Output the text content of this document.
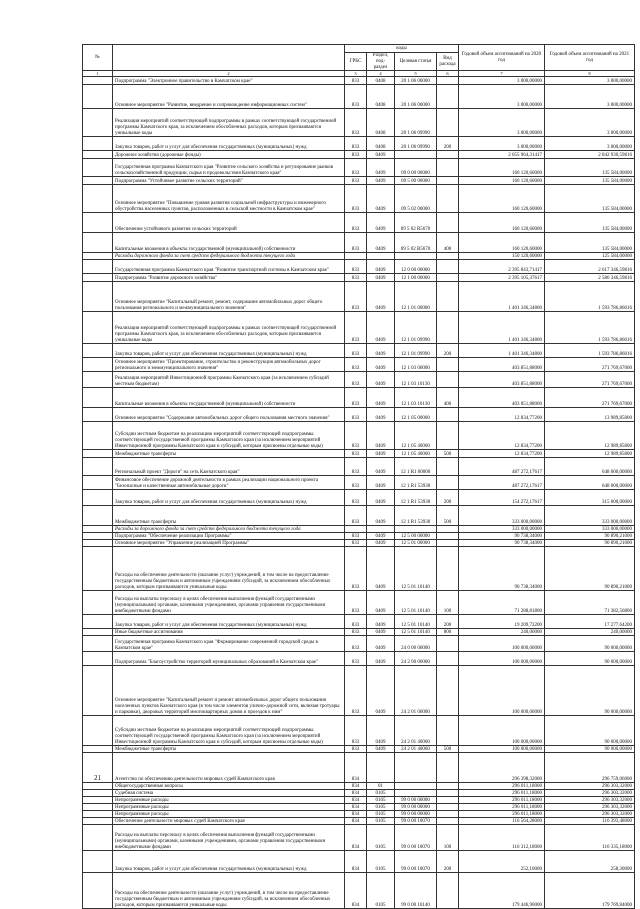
№		коды				Годовой объем ассигнований на 2020 год	Годовой объем ассигнований на 2021 год
		ГРБС	Раздел, под-раздел	Целевая статья	Вид расхода		
1	2	3	4	5	6	7	8
	Подпрограмма "Электронное правительство в Камчатском крае"	833	0408	20 1 06 00000		3 000,00000	3 000,00000
	Основное мероприятие "Развитие, внедрение и сопровождение информационных систем"	833	0408	20 1 06 00000		3 000,00000	3 000,00000
	Реализация мероприятий соответствующей подпрограммы в рамках соответствующей государственной программы Камчатского края, за исключением обособленных расходов, которым присваиваются уникальные коды	833	0408	20 1 06 09990		3 000,00000	3 000,00000
	Закупка товаров, работ и услуг для обеспечения государственных (муниципальных) нужд	833	0408	20 1 06 09990	200	3 000,00000	3 000,00000
	Дорожное хозяйство (дорожные фонды)	833	0409			2 655 964,31417	2 842 930,59816
	Государственная программа Камчатского края "Развитие сельского хозяйства и регулирование рынков сельскохозяйственной продукции, сырья и продовольствия Камчатского края"	833	0409	09 0 00 00000		160 120,60000	135 584,00000
	Подпрограмма "Устойчивое развитие сельских территорий"	833	0409	09 5 00 00000		160 120,60000	135 584,00000
	Основное мероприятие "Повышение уровня развития социальной инфраструктуры и инженерного обустройства населенных пунктов, расположенных в сельской местности в Камчатском крае"	833	0409	09 5 02 00000		160 120,60000	135 584,00000
	Обеспечение устойчивого развития сельских территорий	833	0409	09 5 02 R5670		160 120,60000	135 584,00000
	Капитальные вложения в объекты государственной (муниципальной) собственности	833	0409	09 5 02 R5670	400	160 120,60000	135 584,00000
	Расходы дорожного фонда за счет средств федерального бюджета текущего года					150 120,60000	125 584,00000
	Государственная программа Камчатского края "Развитие транспортной системы в Камчатском крае"	833	0409	12 0 00 00000		2 395 843,71417	2 617 346,59816
	Подпрограмма "Развитие дорожного хозяйства"	833	0409	12 1 00 00000		2 395 105,37617	2 586 346,59816
	Основное мероприятие "Капитальный ремонт, ремонт, содержание автомобильных дорог общего пользования регионального и межмуниципального значения"	833	0409	12 1 01 00000		1 401 346,34800	1 593 786,86016
	Реализация мероприятий соответствующей подпрограммы в рамках соответствующей государственной программы Камчатского края, за исключением обособленных расходов, которым присваиваются уникальные коды	833	0409	12 1 01 09990		1 401 346,34800	1 593 786,86016
	Закупка товаров, работ и услуг для обеспечения государственных (муниципальных) нужд	833	0409	12 1 01 09990	200	1 401 346,34800	1 593 786,86016
	Основное мероприятие "Проектирование, строительство и реконструкция автомобильных дорог регионального и межмуниципального значения"	833	0409	12 1 03 00000		403 851,88000	271 769,67000
	Реализация мероприятий Инвестиционной программы Камчатского края (за исключением субсидий местным бюджетам)	833	0409	12 1 03 10130		403 851,88000	271 769,67000
	Капитальные вложения в объекты государственной (муниципальной) собственности	833	0409	12 1 03 10130	400	403 851,88000	271 769,67000
	Основное мероприятие "Содержание автомобильных дорог общего пользования местного значения"	833	0409	12 1 05 00000		12 834,77200	13 989,85800
	Субсидии местным бюджетам на реализацию мероприятий соответствующей подпрограммы соответствующей государственной программы Камчатского края (за исключением мероприятий Инвестиционной программы Камчатского края и субсидий, которым присвоены отдельные коды)	833	0409	12 1 05 40060		12 834,77200	12 989,85800
	Межбюджетные трансферты	833	0409	12 1 05 40060	500	12 834,77200	12 989,85800
	Региональный проект "Дороги" на сеть Камчатского края"	833	0409	12 1 R1 00000		487 272,17617	648 000,00000
	Финансовое обеспечение дорожной деятельности в рамках реализации национального проекта "Безопасные и качественные автомобильные дороги"	833	0409	12 1 R1 53930		487 272,17617	648 000,00000
	Закупка товаров, работ и услуг для обеспечения государственных (муниципальных) нужд	833	0409	12 1 R1 53930	200	154 272,17617	315 000,00000
	Межбюджетные трансферты	833	0409	12 1 R1 53930	500	333 000,00000	333 000,00000
	Расходы за дорожного фонда за счет средств федерального бюджета текущего года					333 000,00000	333 000,00000
	Подпрограмма "Обеспечение реализации Программы"	833	0409	12 5 00 00000		90 738,34000	90 890,21000
	Основное мероприятие "Управление реализацией Программы"	833	0409	12 5 01 00000		90 738,34000	90 890,21000
	Расходы на обеспечение деятельности (оказание услуг) учреждений, в том числе на предоставление государственным бюджетным и автономным учреждениям субсидий, за исключением обособленных расходов, которым присваиваются уникальные коды	833	0409	12 5 01 10140		90 738,34000	90 890,21000
	Расходы на выплаты персоналу в целях обеспечения выполнения функций государственными (муниципальными) органами, казенными учреждениями, органами управления государственными внебюджетными фондами	833	0409	12 5 01 10140	100	71 288,81800	71 382,56800
	Закупка товаров, работ и услуг для обеспечения государственных (муниципальных) нужд	833	0409	12 5 01 10140	200	19 209,72200	17 277,64200
	Иные бюджетные ассигнования	833	0409	12 5 01 10140	800	240,00000	240,00000
	Государственная программа Камчатского края "Формирование современной городской среды в Камчатском крае"	833	0409	24 0 00 00000		100 000,00000	90 000,00000
	Подпрограмма "Благоустройство территорий муниципальных образований в Камчатском крае"	833	0409	24 2 00 00000		100 000,00000	90 000,00000
	Основное мероприятие "Капитальный ремонт и ремонт автомобильных дорог общего пользования населенных пунктов Камчатского края (в том числе элементов улично-дорожной сети, включая тротуары и парковки), дворовых территорий многоквартирных домов и проездов к ним"	833	0409	24 2 01 00000		100 000,00000	90 000,00000
	Субсидии местным бюджетам на реализацию мероприятий соответствующей подпрограммы соответствующей государственной программы Камчатского края (за исключением мероприятий Инвестиционной программы Камчатского края и субсидий, которым присвоены отдельные коды)	833	0409	24 2 01 40060		100 000,00000	90 000,00000
	Межбюджетные трансферты	833	0409	24 2 01 40060	500	100 000,00000	90 000,00000
21	Агентство по обеспечению деятельности мировых судей Камчатского края	834				296 398,32000	296 759,06000
	Общегосударственные вопросы	834	01			296 011,18000	296 303,32000
	Судебная система	834	0105			296 011,18000	296 303,32000
	Непрограммные расходы	834	0105	99 0 00 00000		296 011,18000	296 303,32000
	Непрограммные расходы	834	0105	99 0 00 00000		296 011,18000	296 303,32000
	Непрограммные расходы	834	0105	99 0 00 00000		296 011,18000	296 303,32000
	Обеспечение деятельности мировых судей Камчатского края	834	0105	99 0 00 10070		116 564,28000	116 393,48000
	Расходы на выплаты персоналу в целях обеспечения выполнения функций государственными (муниципальными) органами, казенными учреждениями, органами управления государственными внебюджетными фондами	834	0105	99 0 00 10070	100	116 312,18000	116 335,18000
	Закупка товаров, работ и услуг для обеспечения государственных (муниципальных) нужд	834	0105	99 0 00 10070	200	252,10000	258,30000
	Расходы на обеспечение деятельности (оказание услуг) учреждений, в том числе на предоставление государственным бюджетным и автономным учреждениям субсидий, за исключением обособленных расходов, которым присваиваются уникальные коды	834	0105	99 0 00 10140		179 446,90000	179 769,84000
